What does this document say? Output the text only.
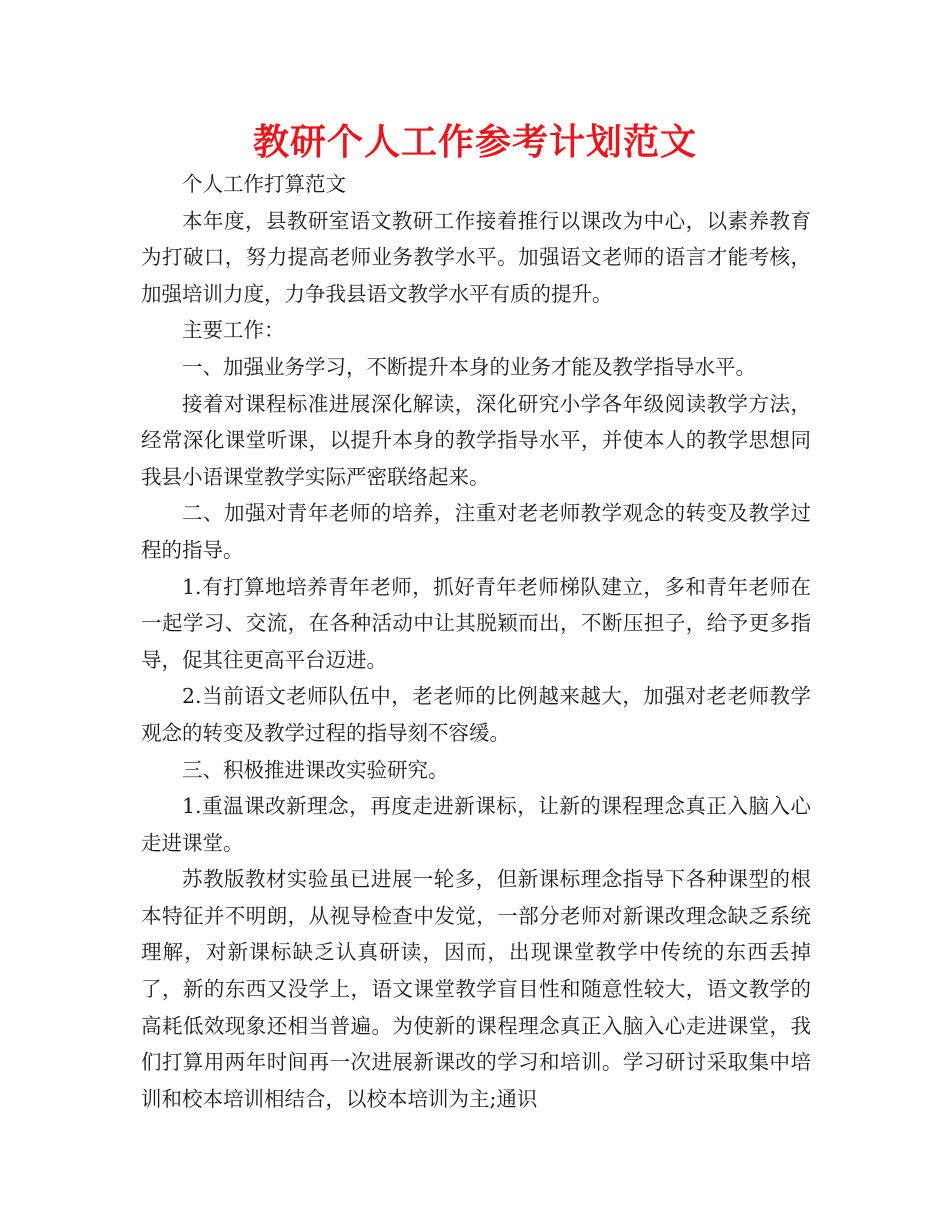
教研个人工作参考计划范文

个人工作打算范文

本年度，县教研室语文教研工作接着推行以课改为中心，以素养教育为打破口，努力提高老师业务教学水平。加强语文老师的语言才能考核，加强培训力度，力争我县语文教学水平有质的提升。

主要工作：

一、加强业务学习，不断提升本身的业务才能及教学指导水平。

接着对课程标准进展深化解读，深化研究小学各年级阅读教学方法，经常深化课堂听课，以提升本身的教学指导水平，并使本人的教学思想同我县小语课堂教学实际严密联络起来。

二、加强对青年老师的培养，注重对老老师教学观念的转变及教学过程的指导。

1.有打算地培养青年老师，抓好青年老师梯队建立，多和青年老师在一起学习、交流，在各种活动中让其脱颖而出，不断压担子，给予更多指导，促其往更高平台迈进。

2.当前语文老师队伍中，老老师的比例越来越大，加强对老老师教学观念的转变及教学过程的指导刻不容缓。

三、积极推进课改实验研究。

1.重温课改新理念，再度走进新课标，让新的课程理念真正入脑入心走进课堂。

苏教版教材实验虽已进展一轮多，但新课标理念指导下各种课型的根本特征并不明朗，从视导检查中发觉，一部分老师对新课改理念缺乏系统理解，对新课标缺乏认真研读，因而，出现课堂教学中传统的东西丢掉了，新的东西又没学上，语文课堂教学盲目性和随意性较大，语文教学的高耗低效现象还相当普遍。为使新的课程理念真正入脑入心走进课堂，我们打算用两年时间再一次进展新课改的学习和培训。学习研讨采取集中培训和校本培训相结合，以校本培训为主;通识
